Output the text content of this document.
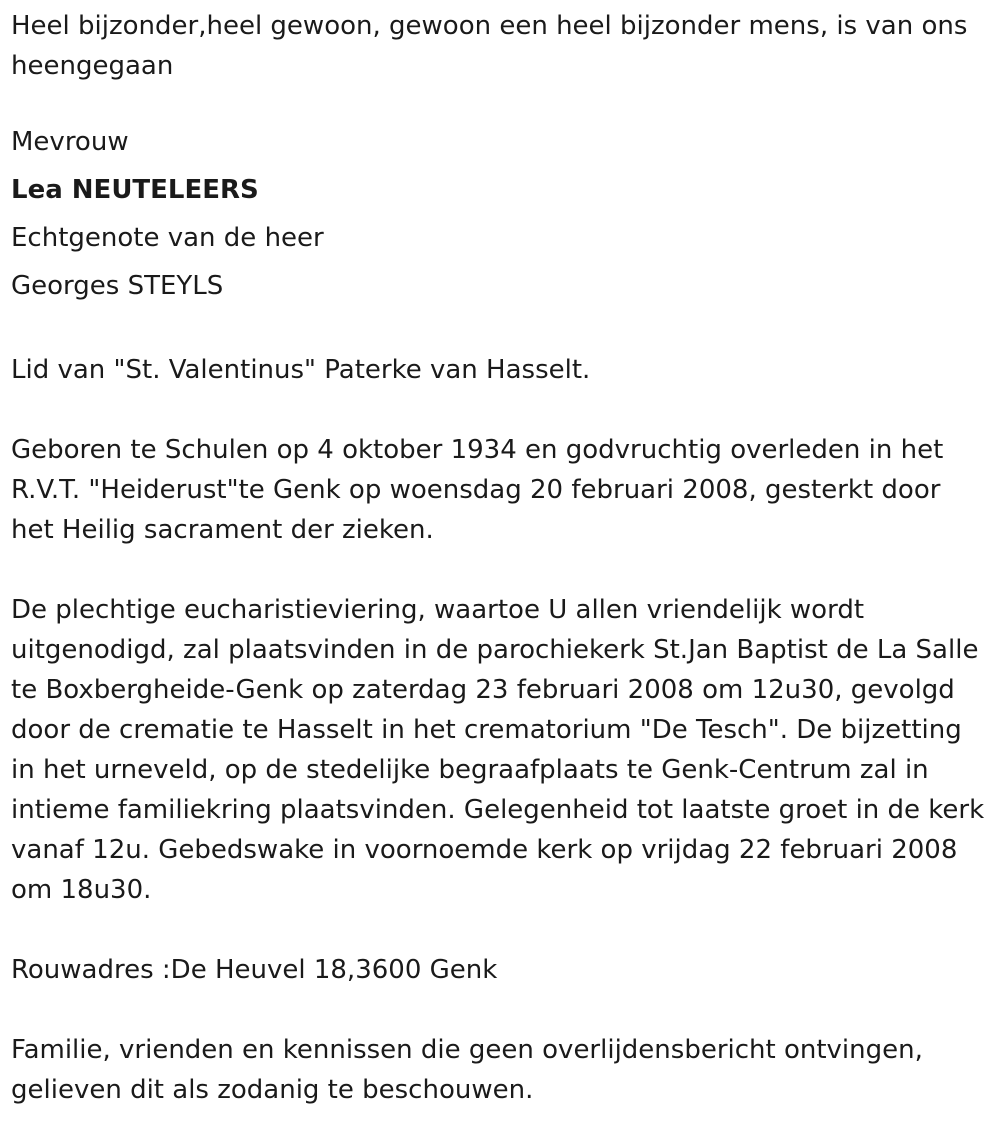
Heel bijzonder,heel gewoon, gewoon een heel bijzonder mens, is van ons heengegaan

Mevrouw
Lea NEUTELEERS
Echtgenote van de heer
Georges STEYLS

Lid van "St. Valentinus" Paterke van Hasselt.

Geboren te Schulen op 4 oktober 1934 en godvruchtig overleden in het R.V.T. "Heiderust"te Genk op woensdag 20 februari 2008, gesterkt door het Heilig sacrament der zieken.

De plechtige eucharistieviering, waartoe U allen vriendelijk wordt uitgenodigd, zal plaatsvinden in de parochiekerk St.Jan Baptist de La Salle te Boxbergheide-Genk op zaterdag 23 februari 2008 om 12u30, gevolgd door de crematie te Hasselt in het crematorium "De Tesch". De bijzetting in het urneveld, op de stedelijke begraafplaats te Genk-Centrum zal in intieme familiekring plaatsvinden. Gelegenheid tot laatste groet in de kerk vanaf 12u. Gebedswake in voornoemde kerk op vrijdag 22 februari 2008 om 18u30.

Rouwadres :De Heuvel 18,3600 Genk

Familie, vrienden en kennissen die geen overlijdensbericht ontvingen, gelieven dit als zodanig te beschouwen.
